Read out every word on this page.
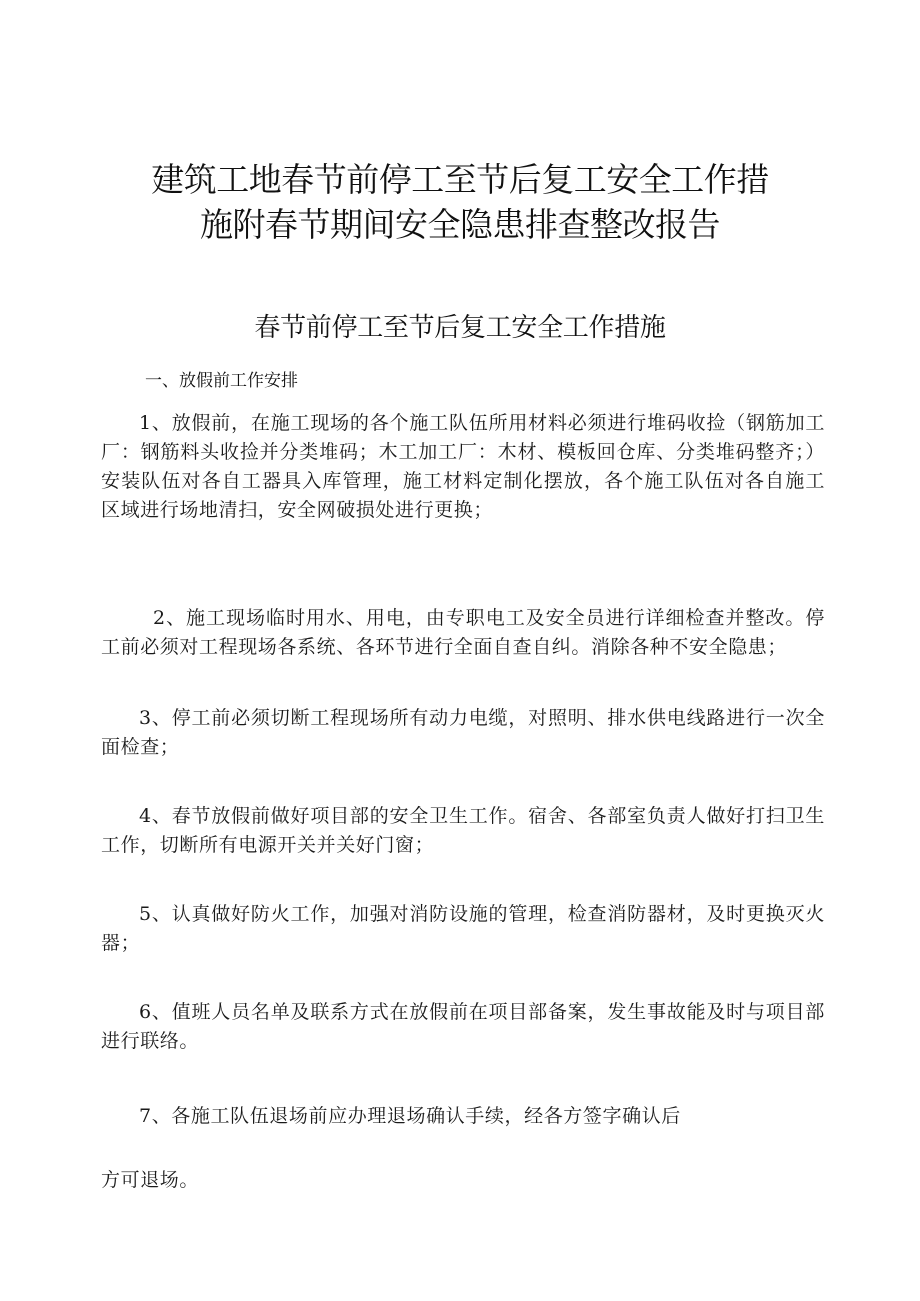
建筑工地春节前停工至节后复工安全工作措
施附春节期间安全隐患排查整改报告
春节前停工至节后复工安全工作措施
一、放假前工作安排

1、放假前，在施工现场的各个施工队伍所用材料必须进行堆码收捡（钢筋加工厂：钢筋料头收捡并分类堆码；木工加工厂：木材、模板回仓库、分类堆码整齐；）安装队伍对各自工器具入库管理，施工材料定制化摆放，各个施工队伍对各自施工区域进行场地清扫，安全网破损处进行更换；

2、施工现场临时用水、用电，由专职电工及安全员进行详细检查并整改。停工前必须对工程现场各系统、各环节进行全面自查自纠。消除各种不安全隐患；

3、停工前必须切断工程现场所有动力电缆，对照明、排水供电线路进行一次全面检查；

4、春节放假前做好项目部的安全卫生工作。宿舍、各部室负责人做好打扫卫生工作，切断所有电源开关并关好门窗；

5、认真做好防火工作，加强对消防设施的管理，检查消防器材，及时更换灭火器；

6、值班人员名单及联系方式在放假前在项目部备案，发生事故能及时与项目部进行联络。

7、各施工队伍退场前应办理退场确认手续，经各方签字确认后

方可退场。
